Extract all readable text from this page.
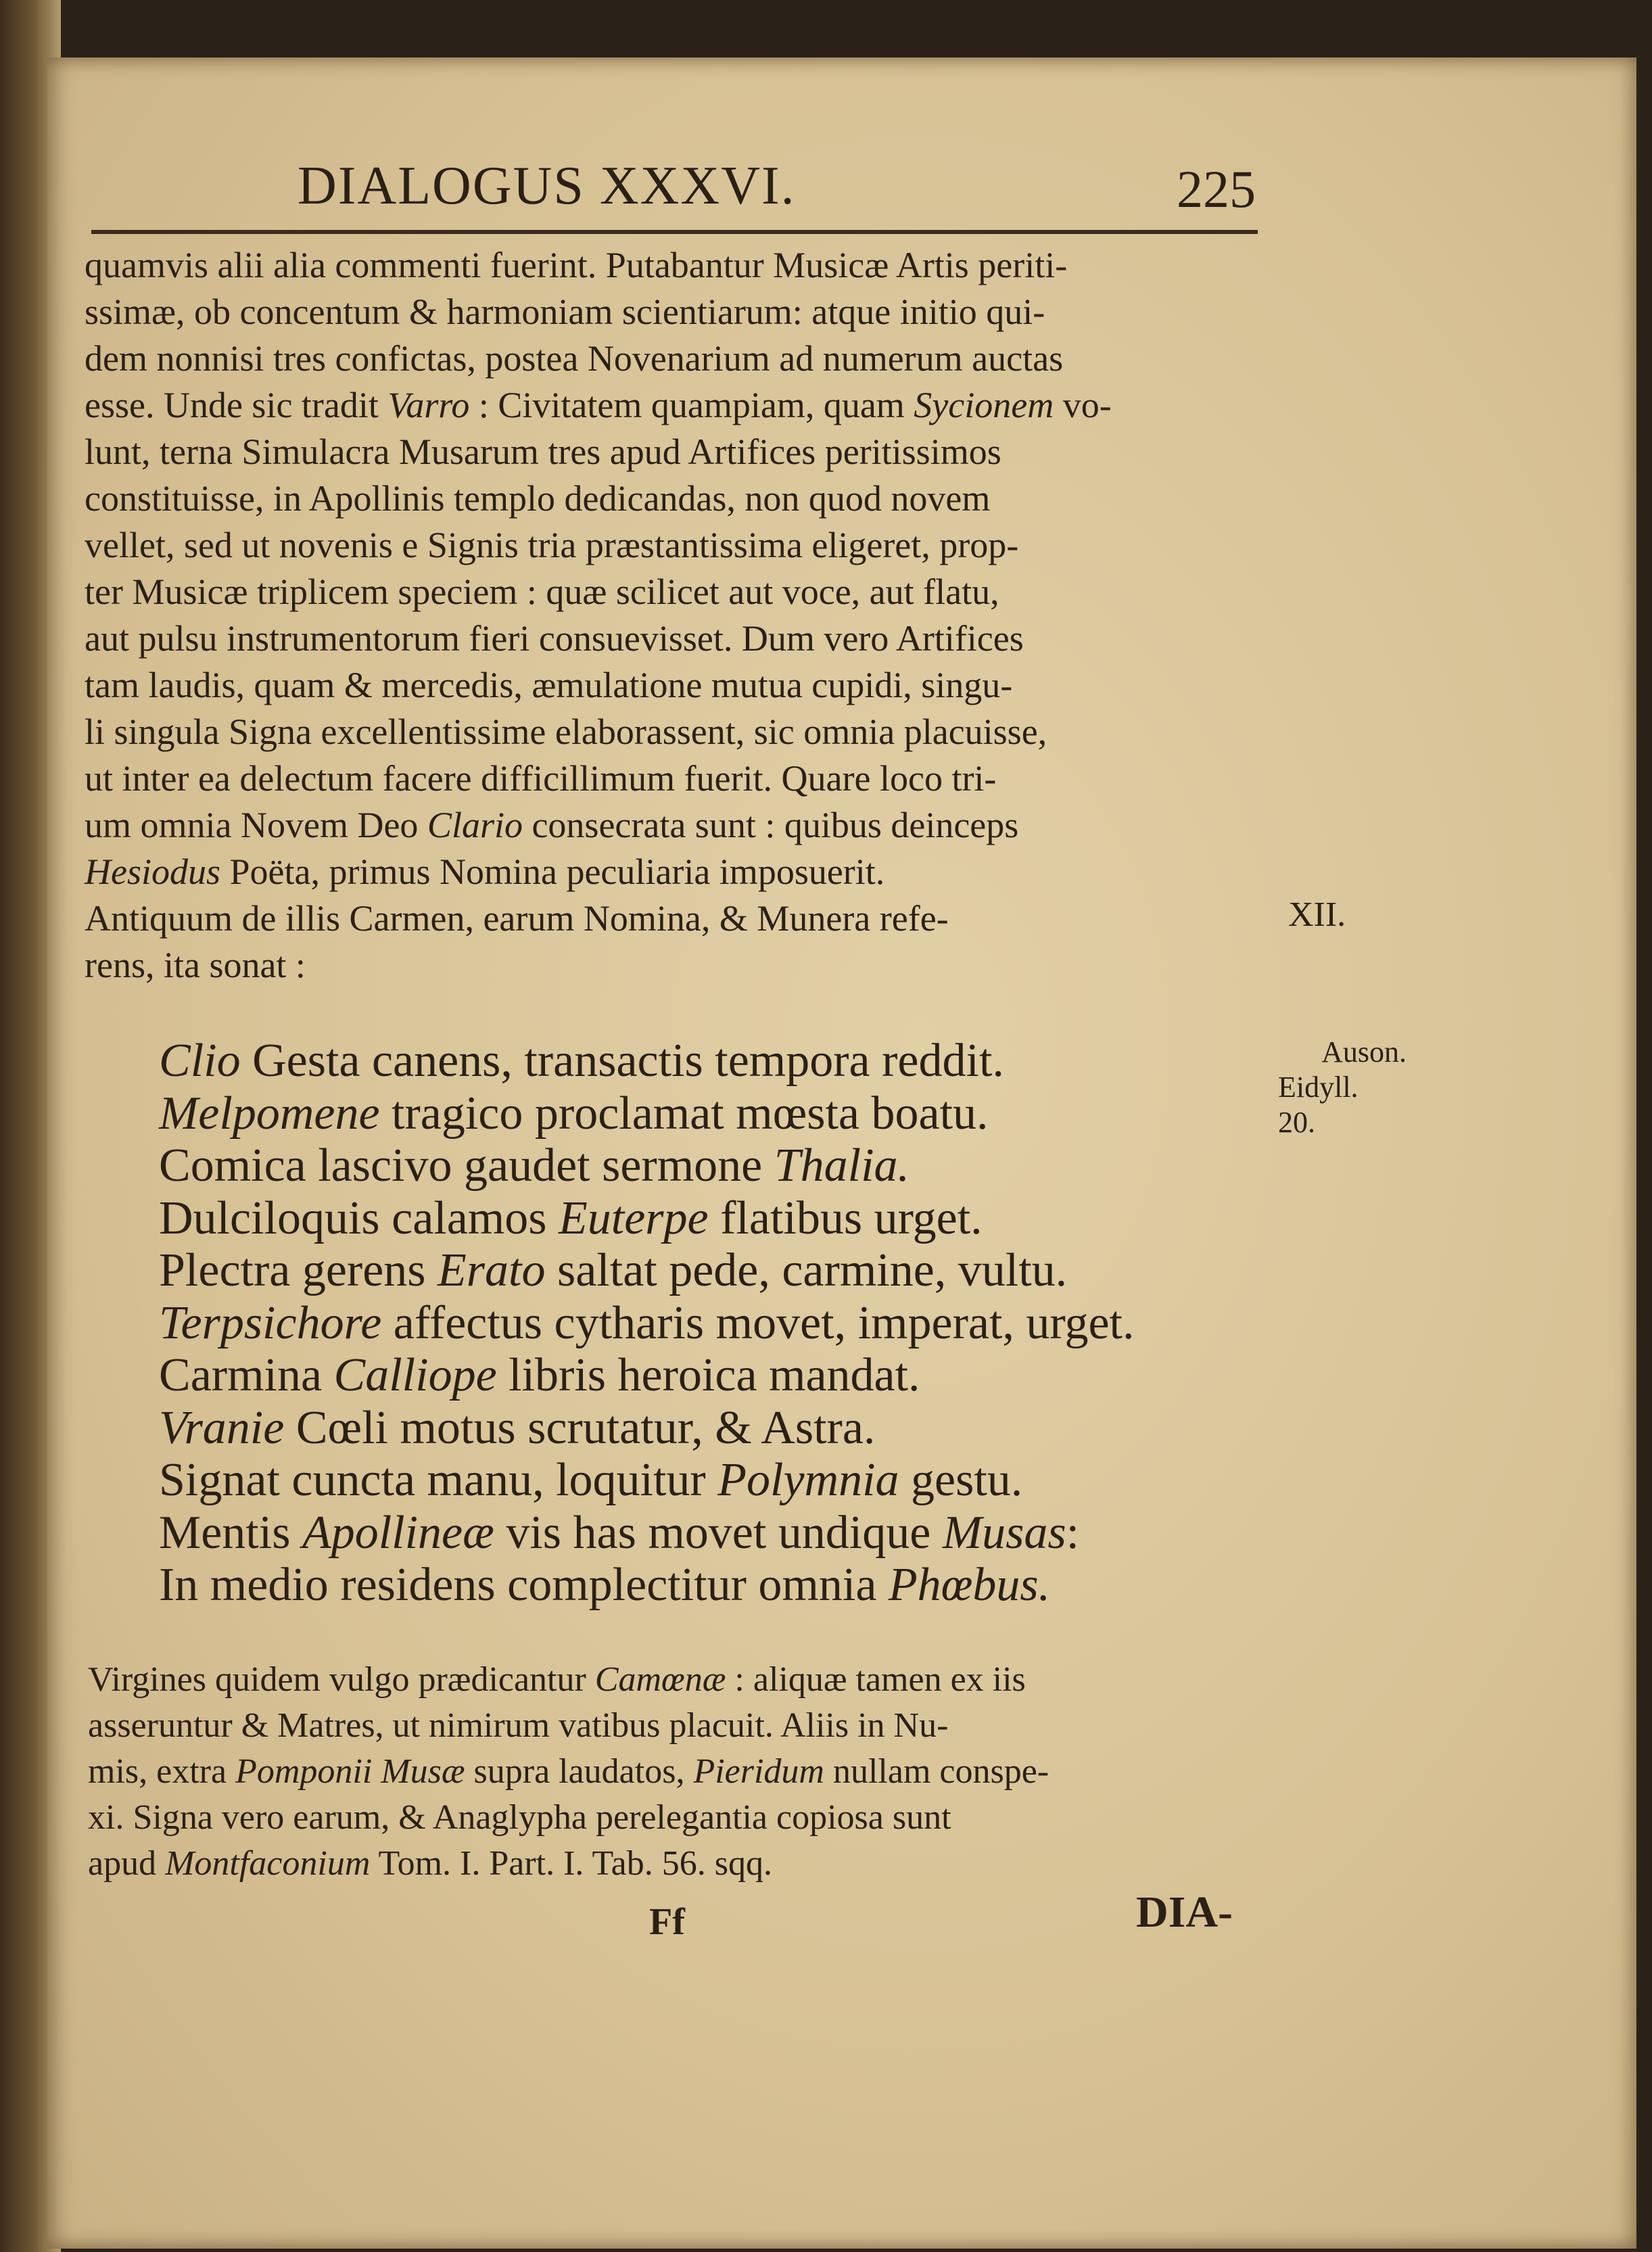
DIALOGUS XXXVI.	225
quamvis alii alia commenti fuerint. Putabantur Musicæ Artis periti-
ssimæ, ob concentum & harmoniam scientiarum: atque initio qui-
dem nonnisi tres confictas, postea Novenarium ad numerum auctas
esse. Unde sic tradit Varro : Civitatem quampiam, quam Sycionem vo-
lunt, terna Simulacra Musarum tres apud Artifices peritissimos
constituisse, in Apollinis templo dedicandas, non quod novem
vellet, sed ut novenis e Signis tria præstantissima eligeret, prop-
ter Musicæ triplicem speciem : quæ scilicet aut voce, aut flatu,
aut pulsu instrumentorum fieri consuevisset. Dum vero Artifices
tam laudis, quam & mercedis, æmulatione mutua cupidi, singu-
li singula Signa excellentissime elaborassent, sic omnia placuisse,
ut inter ea delectum facere difficillimum fuerit. Quare loco tri-
um omnia Novem Deo Clario consecrata sunt : quibus deinceps
Hesiodus Poëta, primus Nomina peculiaria imposuerit.
Antiquum de illis Carmen, earum Nomina, & Munera refe-
rens, ita sonat :
XII.
Auson.
Eidyll.
20.
Clio Gesta canens, transactis tempora reddit.
Melpomene tragico proclamat mœsta boatu.
Comica lascivo gaudet sermone Thalia.
Dulciloquis calamos Euterpe flatibus urget.
Plectra gerens Erato saltat pede, carmine, vultu.
Terpsichore affectus cytharis movet, imperat, urget.
Carmina Calliope libris heroica mandat.
Vranie Cœli motus scrutatur, & Astra.
Signat cuncta manu, loquitur Polymnia gestu.
Mentis Apollineæ vis has movet undique Musas:
In medio residens complectitur omnia Phœbus.
Virgines quidem vulgo prædicantur Camœnæ : aliquæ tamen ex iis
asseruntur & Matres, ut nimirum vatibus placuit. Aliis in Nu-
mis, extra Pomponii Musæ supra laudatos, Pieridum nullam conspe-
xi. Signa vero earum, & Anaglypha perelegantia copiosa sunt
apud Montfaconium Tom. I. Part. I. Tab. 56. sqq.
Ff	DIA-
